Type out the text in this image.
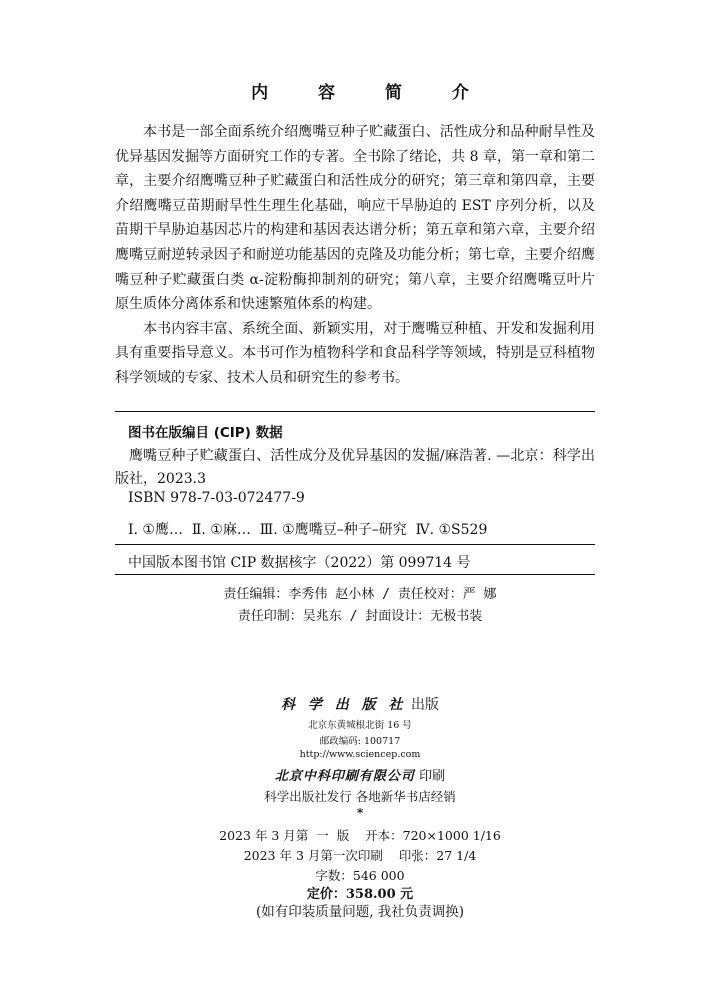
内 容 简 介

本书是一部全面系统介绍鹰嘴豆种子贮藏蛋白、活性成分和品种耐旱性及优异基因发掘等方面研究工作的专著。全书除了绪论，共 8 章，第一章和第二章，主要介绍鹰嘴豆种子贮藏蛋白和活性成分的研究；第三章和第四章，主要介绍鹰嘴豆苗期耐旱性生理生化基础，响应干旱胁迫的 EST 序列分析，以及苗期干旱胁迫基因芯片的构建和基因表达谱分析；第五章和第六章，主要介绍鹰嘴豆耐逆转录因子和耐逆功能基因的克隆及功能分析；第七章，主要介绍鹰嘴豆种子贮藏蛋白类 α-淀粉酶抑制剂的研究；第八章，主要介绍鹰嘴豆叶片原生质体分离体系和快速繁殖体系的构建。

本书内容丰富、系统全面、新颖实用，对于鹰嘴豆种植、开发和发掘利用具有重要指导意义。本书可作为植物科学和食品科学等领域，特别是豆科植物科学领域的专家、技术人员和研究生的参考书。

图书在版编目 (CIP) 数据
鹰嘴豆种子贮藏蛋白、活性成分及优异基因的发掘/麻浩著. —北京：科学出版社，2023.3
ISBN 978-7-03-072477-9
Ⅰ. ①鹰…  Ⅱ. ①麻…  Ⅲ. ①鹰嘴豆–种子–研究  Ⅳ. ①S529
中国版本图书馆 CIP 数据核字（2022）第 099714 号
责任编辑：李秀伟 赵小林 / 责任校对：严 娜
责任印制：吴兆东 / 封面设计：无极书装
科 学 出 版 社 出版
北京东黄城根北街 16 号
邮政编码: 100717
http://www.sciencep.com
北京中科印刷有限公司 印刷
科学出版社发行 各地新华书店经销
*
2023 年 3 月第  一  版    开本：720×1000 1/16
2023 年 3 月第一次印刷    印张：27 1/4
字数：546 000
定价：358.00 元
(如有印装质量问题, 我社负责调换)
